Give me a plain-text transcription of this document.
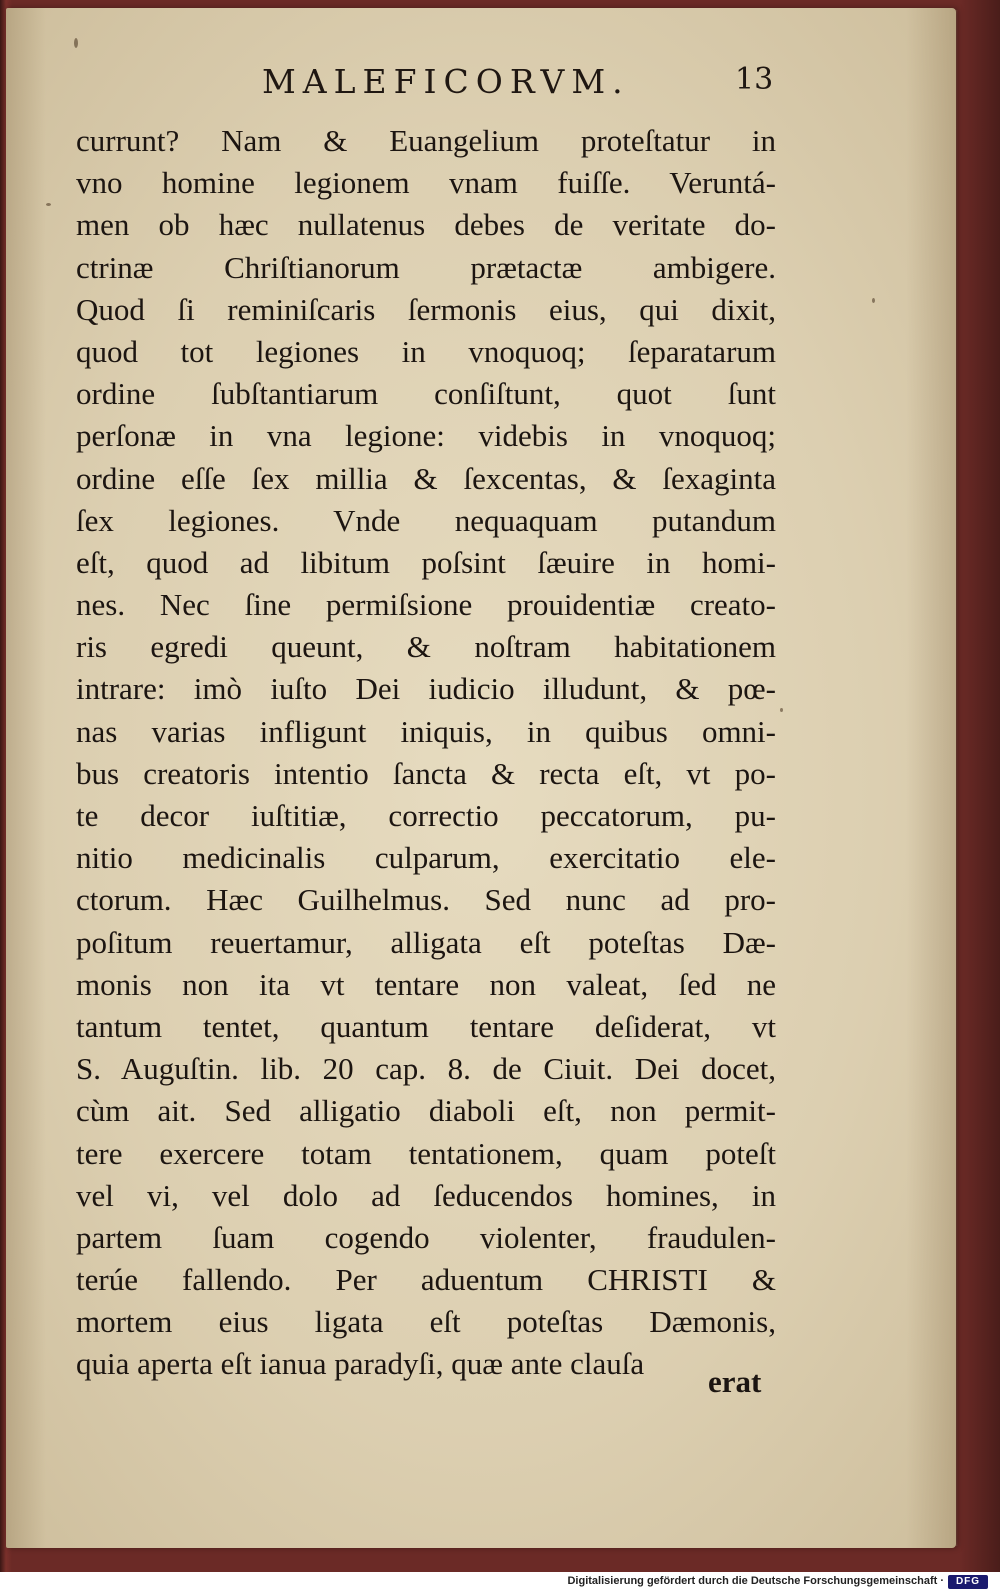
MALEFICORVM.	13
currunt? Nam & Euangelium proteſtatur in
vno homine legionem vnam fuiſſe. Veruntá-
men ob hæc nullatenus debes de veritate do-
ctrinæ Chriſtianorum prætactæ ambigere.
Quod ſi reminiſcaris ſermonis eius, qui dixit,
quod tot legiones in vnoquoq; ſeparatarum
ordine ſubſtantiarum conſiſtunt, quot ſunt
perſonæ in vna legione: videbis in vnoquoq;
ordine eſſe ſex millia & ſexcentas, & ſexaginta
ſex legiones. Vnde nequaquam putandum
eſt, quod ad libitum poſsint ſæuire in homi-
nes. Nec ſine permiſsione prouidentiæ creato-
ris egredi queunt, & noſtram habitationem
intrare: imò iuſto Dei iudicio illudunt, & pœ-
nas varias infligunt iniquis, in quibus omni-
bus creatoris intentio ſancta & recta eſt, vt po-
te decor iuſtitiæ, correctio peccatorum, pu-
nitio medicinalis culparum, exercitatio ele-
ctorum. Hæc Guilhelmus. Sed nunc ad pro-
poſitum reuertamur, alligata eſt poteſtas Dæ-
monis non ita vt tentare non valeat, ſed ne
tantum tentet, quantum tentare deſiderat, vt
S. Auguſtin. lib. 20 cap. 8. de Ciuit. Dei docet,
cùm ait. Sed alligatio diaboli eſt, non permit-
tere exercere totam tentationem, quam poteſt
vel vi, vel dolo ad ſeducendos homines, in
partem ſuam cogendo violenter, fraudulen-
terúe fallendo. Per aduentum CHRISTI &
mortem eius ligata eſt poteſtas Dæmonis,
quia aperta eſt ianua paradyſi, quæ ante clauſa
erat
Digitalisierung gefördert durch die Deutsche Forschungsgemeinschaft ·	DFG
